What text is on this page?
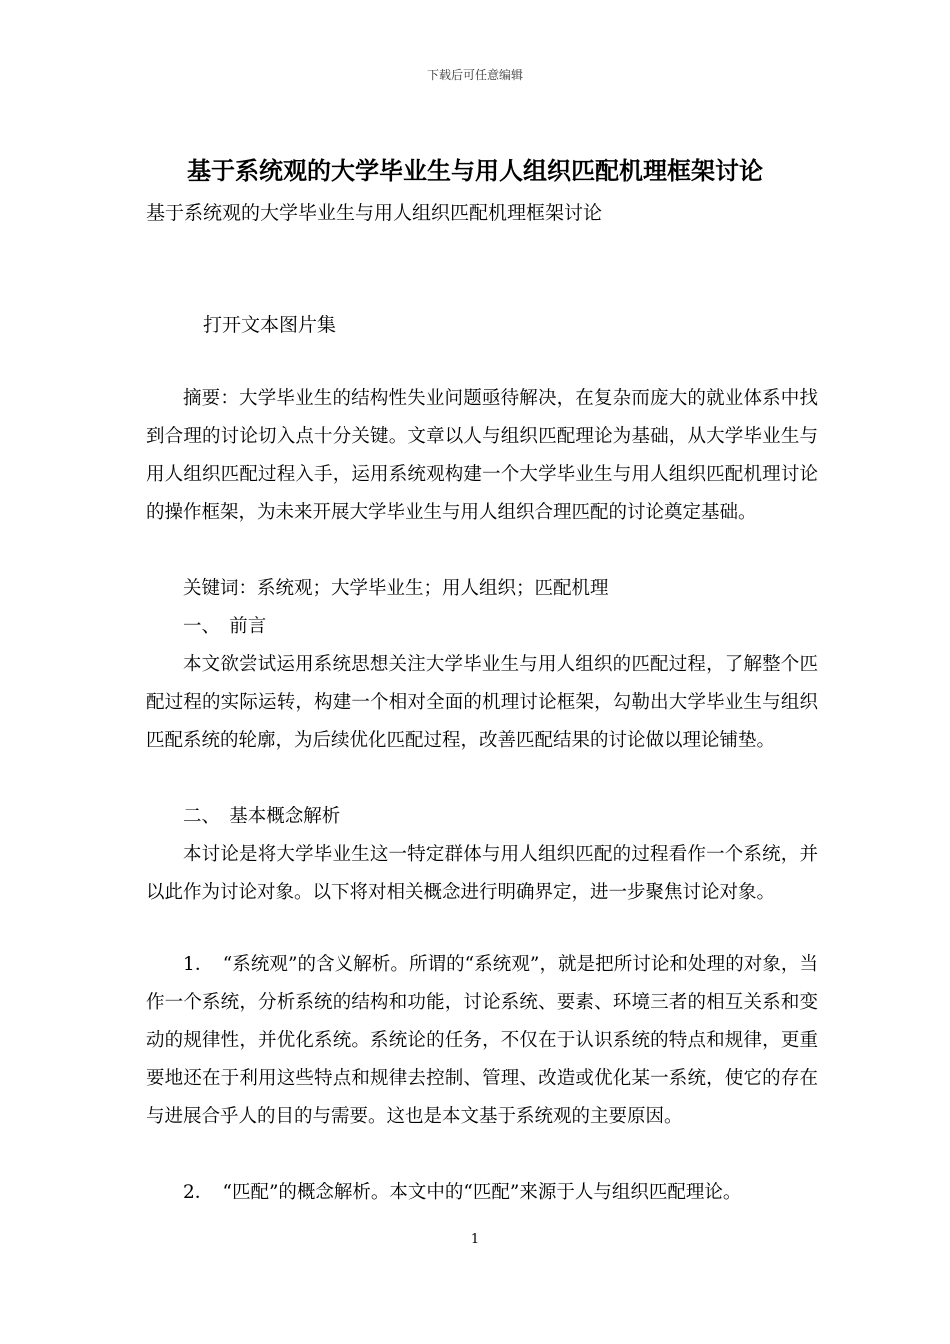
下载后可任意编辑
基于系统观的大学毕业生与用人组织匹配机理框架讨论
基于系统观的大学毕业生与用人组织匹配机理框架讨论
打开文本图片集

摘要：大学毕业生的结构性失业问题亟待解决，在复杂而庞大的就业体系中找到合理的讨论切入点十分关键。文章以人与组织匹配理论为基础，从大学毕业生与用人组织匹配过程入手，运用系统观构建一个大学毕业生与用人组织匹配机理讨论的操作框架，为未来开展大学毕业生与用人组织合理匹配的讨论奠定基础。

关键词：系统观；大学毕业生；用人组织；匹配机理

一、　前言

本文欲尝试运用系统思想关注大学毕业生与用人组织的匹配过程，了解整个匹配过程的实际运转，构建一个相对全面的机理讨论框架，勾勒出大学毕业生与组织匹配系统的轮廓，为后续优化匹配过程，改善匹配结果的讨论做以理论铺垫。

二、　基本概念解析

本讨论是将大学毕业生这一特定群体与用人组织匹配的过程看作一个系统，并以此作为讨论对象。以下将对相关概念进行明确界定，进一步聚焦讨论对象。

1．　“系统观”的含义解析。所谓的“系统观”，就是把所讨论和处理的对象，当作一个系统，分析系统的结构和功能，讨论系统、要素、环境三者的相互关系和变动的规律性，并优化系统。系统论的任务，不仅在于认识系统的特点和规律，更重要地还在于利用这些特点和规律去控制、管理、改造或优化某一系统，使它的存在与进展合乎人的目的与需要。这也是本文基于系统观的主要原因。

2．　“匹配”的概念解析。本文中的“匹配”来源于人与组织匹配理论。

1
